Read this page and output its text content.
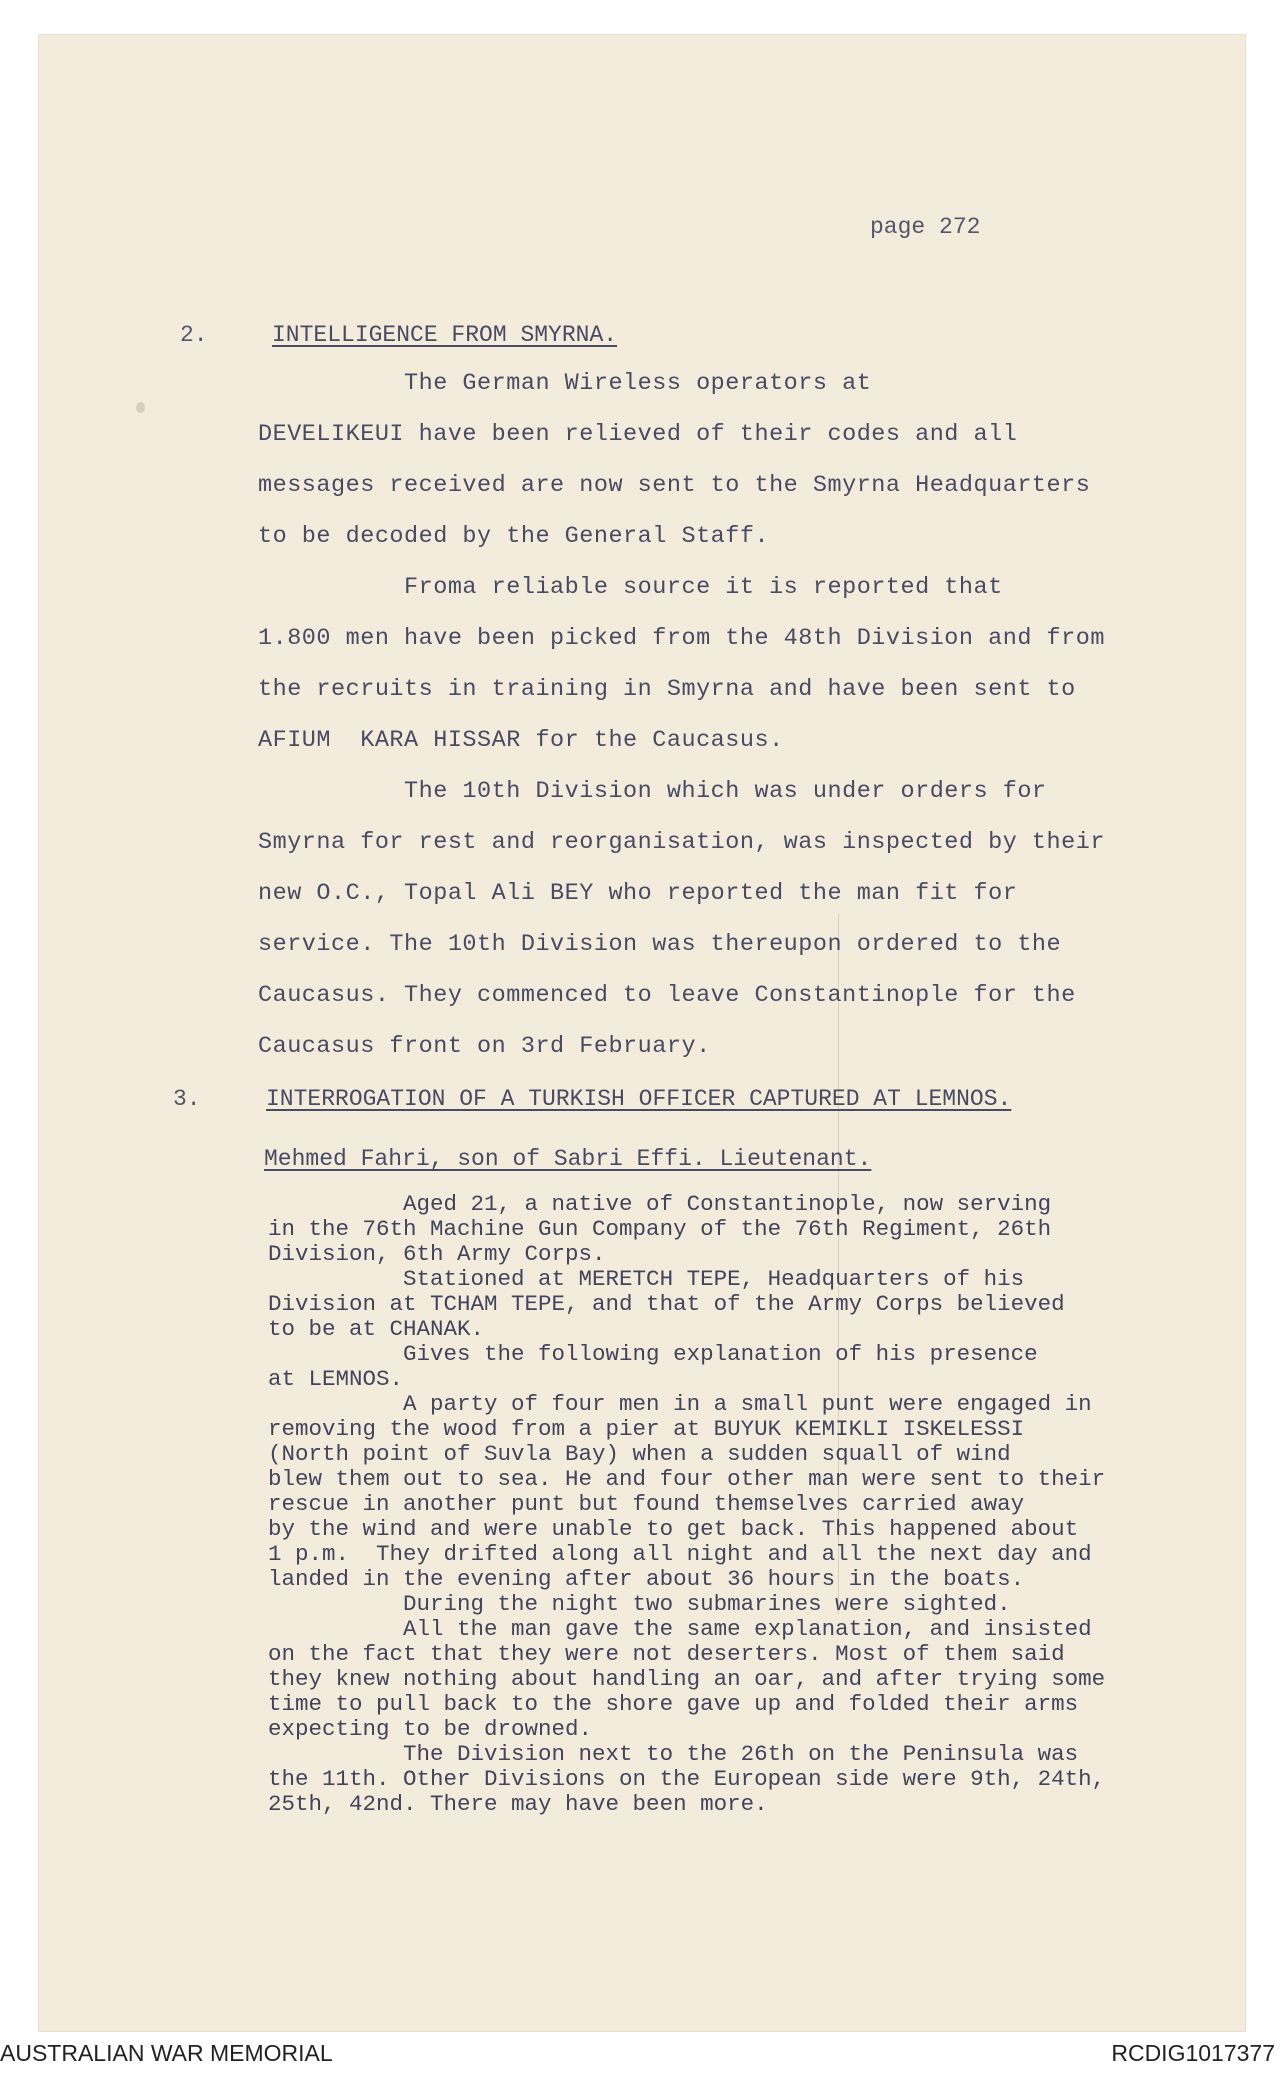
page 272
2.	INTELLIGENCE FROM SMYRNA.
The German Wireless operators at
DEVELIKEUI have been relieved of their codes and all
messages received are now sent to the Smyrna Headquarters
to be decoded by the General Staff.
Froma reliable source it is reported that
1.800 men have been picked from the 48th Division and from
the recruits in training in Smyrna and have been sent to
AFIUM  KARA HISSAR for the Caucasus.
The 10th Division which was under orders for
Smyrna for rest and reorganisation, was inspected by their
new O.C., Topal Ali BEY who reported the man fit for
service. The 10th Division was thereupon ordered to the
Caucasus. They commenced to leave Constantinople for the
Caucasus front on 3rd February.
3.	INTERROGATION OF A TURKISH OFFICER CAPTURED AT LEMNOS.
Mehmed Fahri, son of Sabri Effi. Lieutenant.
Aged 21, a native of Constantinople, now serving
in the 76th Machine Gun Company of the 76th Regiment, 26th
Division, 6th Army Corps.
Stationed at MERETCH TEPE, Headquarters of his
Division at TCHAM TEPE, and that of the Army Corps believed
to be at CHANAK.
Gives the following explanation of his presence
at LEMNOS.
A party of four men in a small punt were engaged in
removing the wood from a pier at BUYUK KEMIKLI ISKELESSI
(North point of Suvla Bay) when a sudden squall of wind
blew them out to sea. He and four other man were sent to their
rescue in another punt but found themselves carried away
by the wind and were unable to get back. This happened about
1 p.m.  They drifted along all night and all the next day and
landed in the evening after about 36 hours in the boats.
During the night two submarines were sighted.
All the man gave the same explanation, and insisted
on the fact that they were not deserters. Most of them said
they knew nothing about handling an oar, and after trying some
time to pull back to the shore gave up and folded their arms
expecting to be drowned.
The Division next to the 26th on the Peninsula was
the 11th. Other Divisions on the European side were 9th, 24th,
25th, 42nd. There may have been more.
AUSTRALIAN WAR MEMORIAL	RCDIG1017377
